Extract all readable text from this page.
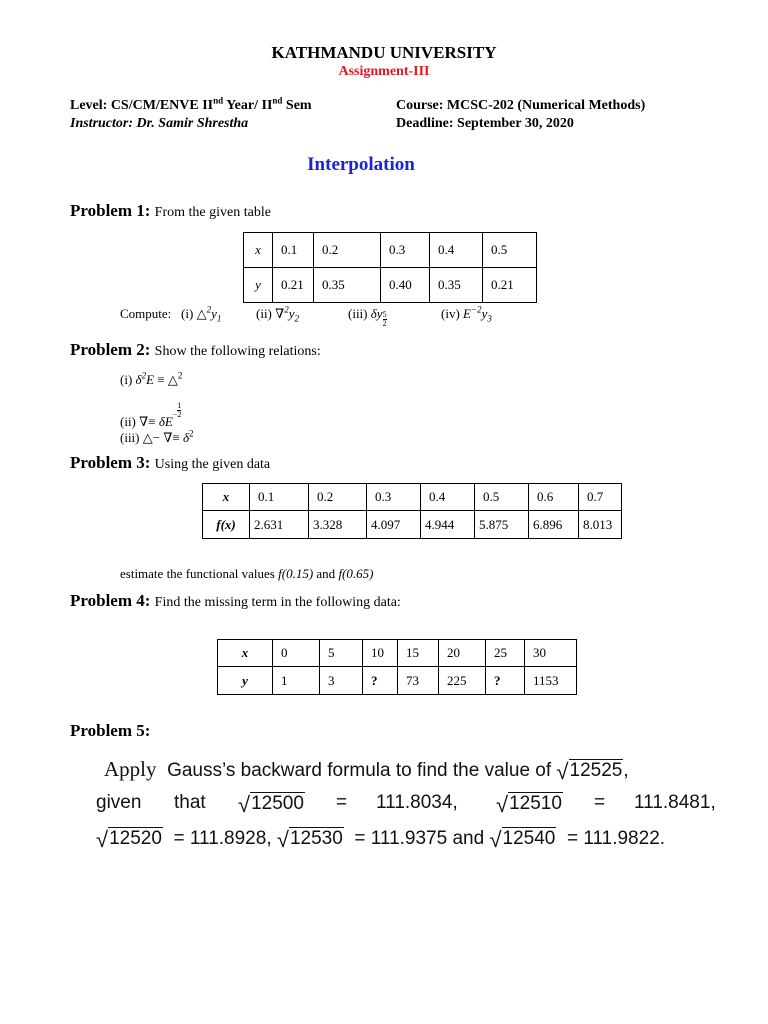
KATHMANDU UNIVERSITY
Assignment-III
Level: CS/CM/ENVE IInd Year/ IInd Sem
Instructor: Dr. Samir Shrestha
Course: MCSC-202 (Numerical Methods)
Deadline: September 30, 2020
Interpolation
Problem 1: From the given table
x	0.1	0.2	0.3	0.4	0.5
y	0.21	0.35	0.40	0.35	0.21
Compute: (i) $\triangle^2y_1$	(ii) $\nabla^2y_2$	(iii) δy $\frac{5}{2}$	(iv) $E^{-2}y_3$
Problem 2: Show the following relations:
(i) $\delta^2E$ ≡ △$^2$
(ii) ∇≡ $\delta E- \frac{1}{2}$
(iii) △− ∇≡ $\delta^2$
Problem 3: Using the given data
x	0.1	0.2	0.3	0.4	0.5	0.6	0.7
f(x)	2.631	3.328	4.097	4.944	5.875	6.896	8.013
estimate the functional values f(0.15) and f(0.65)
Problem 4: Find the missing term in the following data:
x	0	5	10	15	20	25	30
y	1	3	?	73	225	?	1153
Problem 5:
Apply Gauss’s backward formula to find the value of √12525,
given that √12500 = 111.8034, √12510 = 111.8481,
√12520 = 111.8928, √12530 = 111.9375 and √12540 = 111.9822.
